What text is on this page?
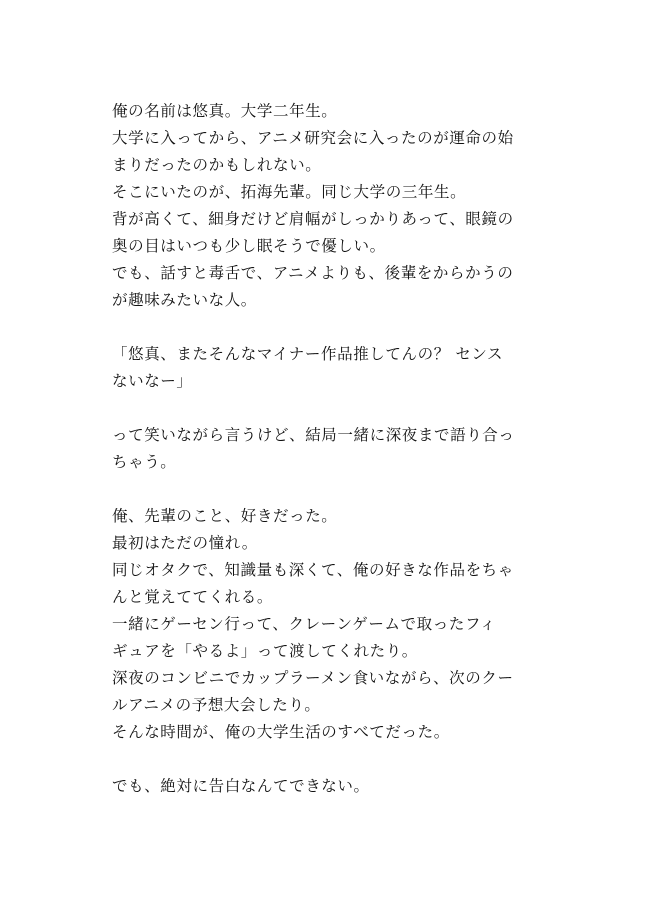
俺の名前は悠真。大学二年生。
大学に入ってから、アニメ研究会に入ったのが運命の始
まりだったのかもしれない。
そこにいたのが、拓海先輩。同じ大学の三年生。
背が高くて、細身だけど肩幅がしっかりあって、眼鏡の
奥の目はいつも少し眠そうで優しい。
でも、話すと毒舌で、アニメよりも、後輩をからかうの
が趣味みたいな人。
「悠真、またそんなマイナー作品推してんの？ センス
ないなー」
って笑いながら言うけど、結局一緒に深夜まで語り合っ
ちゃう。
俺、先輩のこと、好きだった。
最初はただの憧れ。
同じオタクで、知識量も深くて、俺の好きな作品をちゃ
んと覚えててくれる。
一緒にゲーセン行って、クレーンゲームで取ったフィ
ギュアを「やるよ」って渡してくれたり。
深夜のコンビニでカップラーメン食いながら、次のクー
ルアニメの予想大会したり。
そんな時間が、俺の大学生活のすべてだった。
でも、絶対に告白なんてできない。
